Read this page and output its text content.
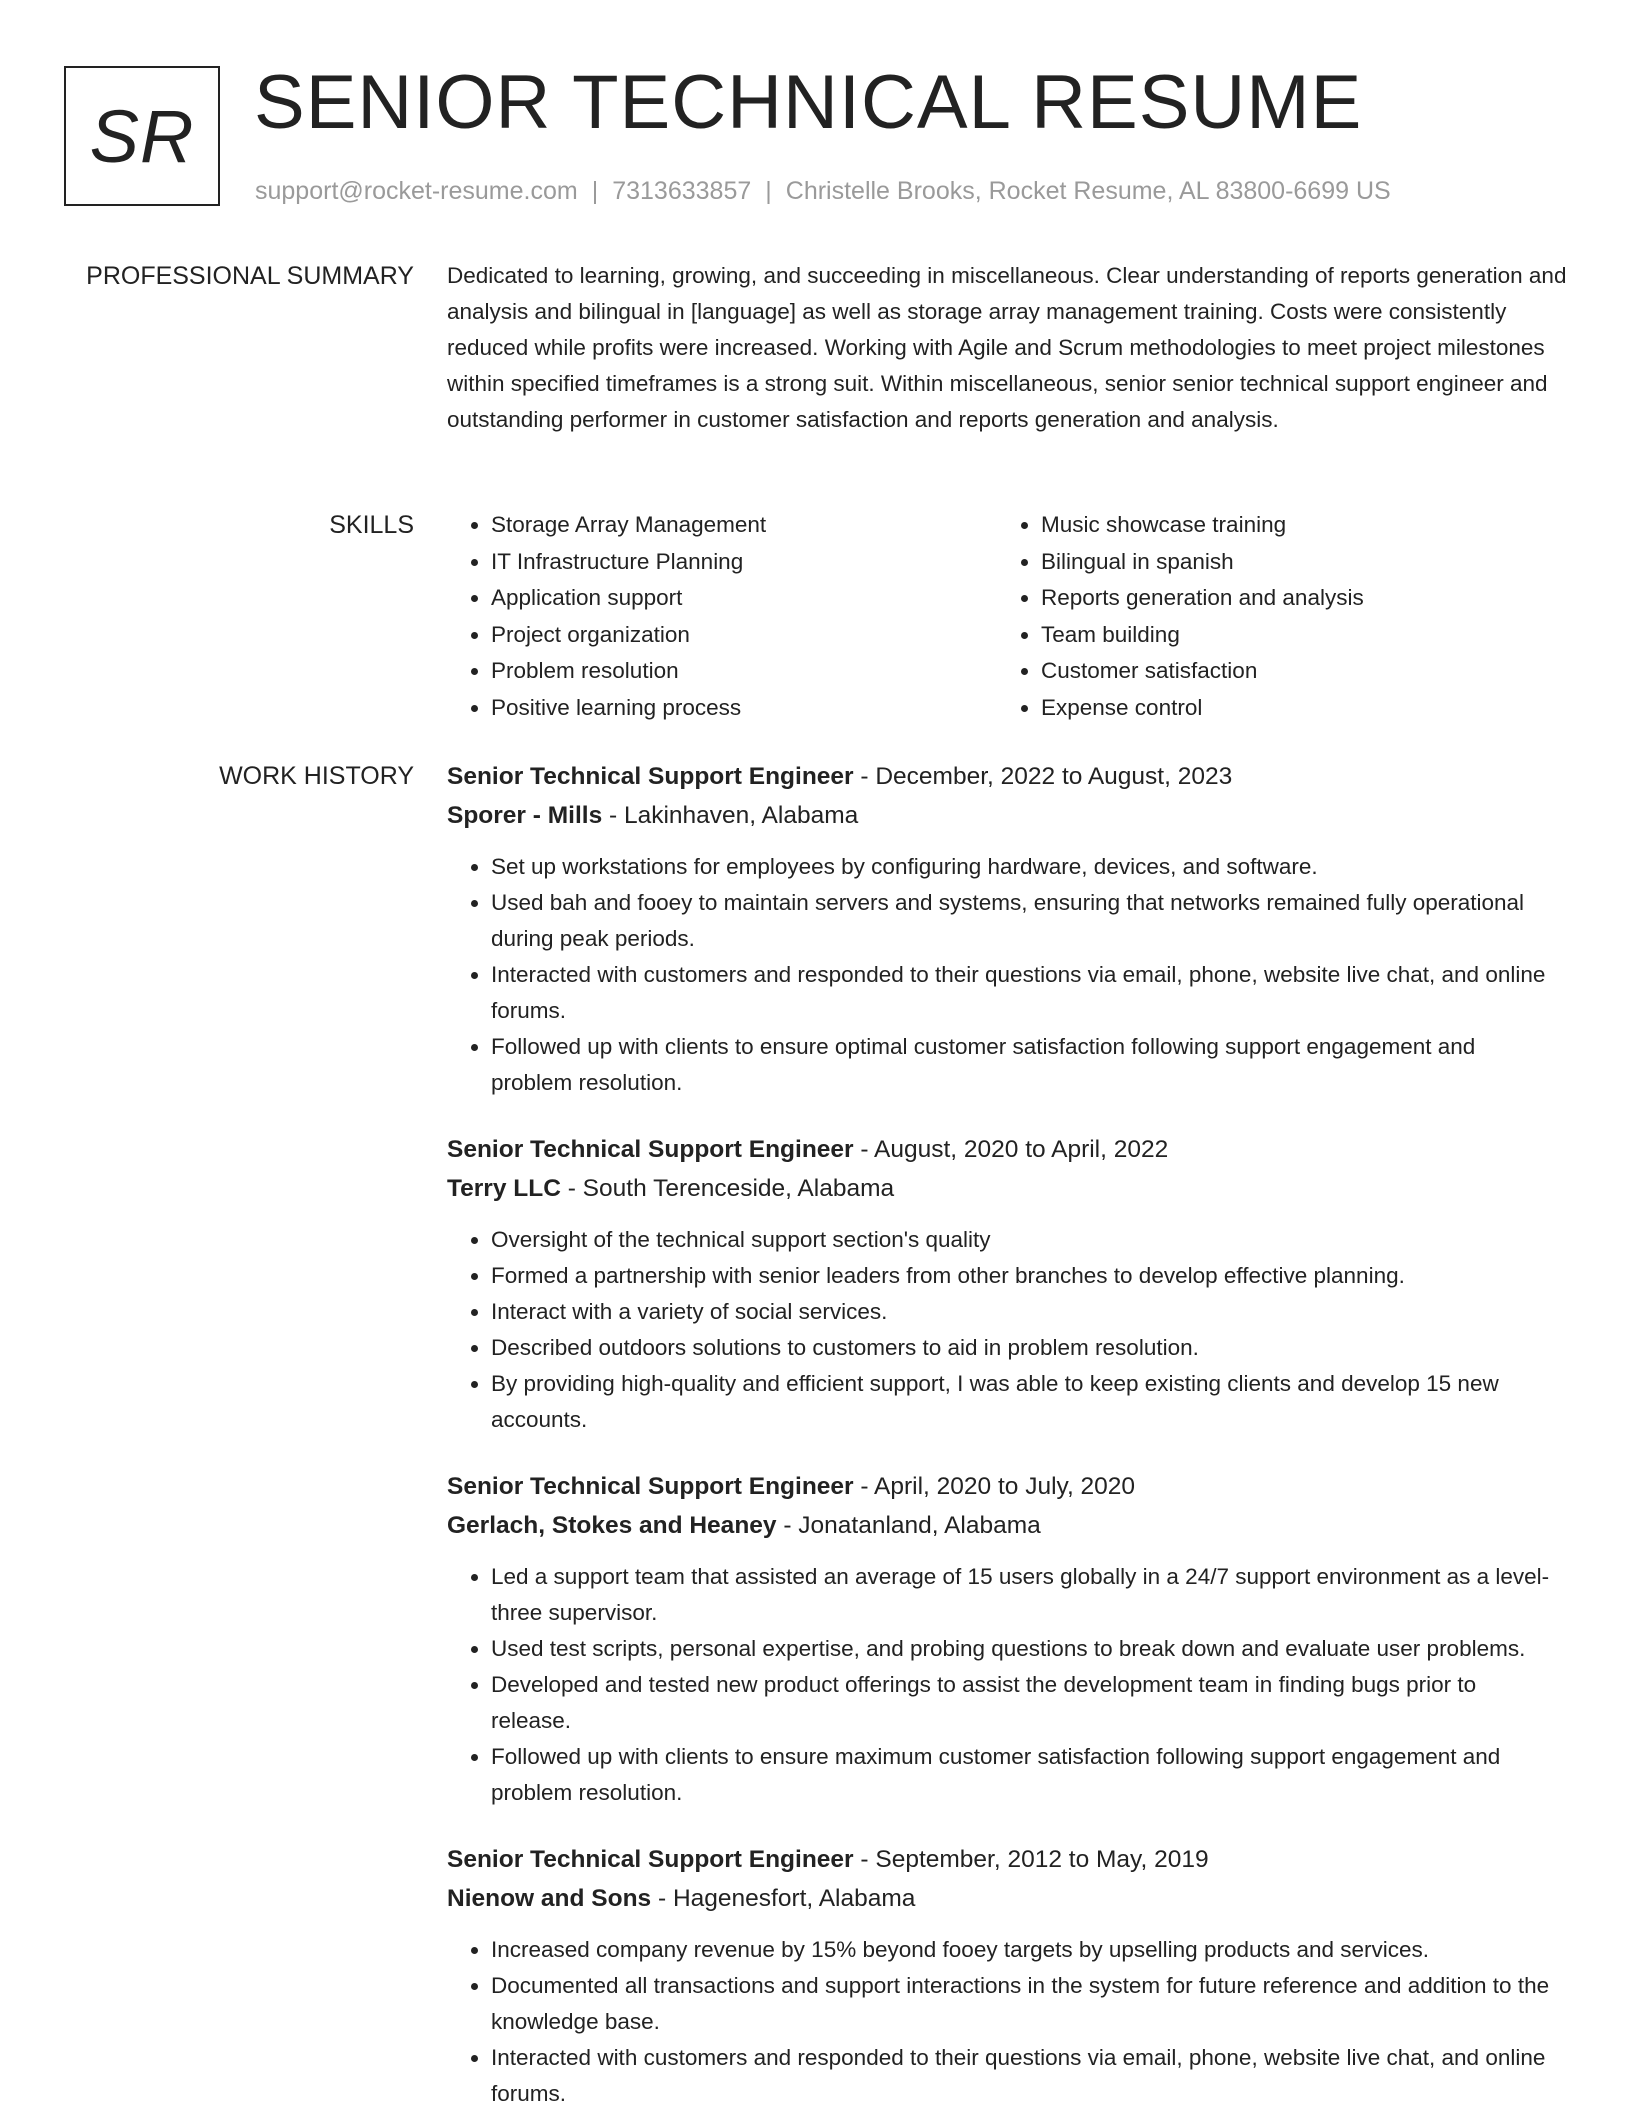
SR SENIOR TECHNICAL RESUME
support@rocket-resume.com | 7313633857 | Christelle Brooks, Rocket Resume, AL 83800-6699 US
PROFESSIONAL SUMMARY Dedicated to learning, growing, and succeeding in miscellaneous. Clear understanding of reports generation and analysis and bilingual in [language] as well as storage array management training. Costs were consistently reduced while profits were increased. Working with Agile and Scrum methodologies to meet project milestones within specified timeframes is a strong suit. Within miscellaneous, senior senior technical support engineer and outstanding performer in customer satisfaction and reports generation and analysis.

SKILLS
•	Storage Array Management
• IT Infrastructure Planning
• Application support
• Project organization
• Problem resolution
• Positive learning process
• Music showcase training
• Bilingual in spanish
• Reports generation and analysis
• Team building
• Customer satisfaction
• Expense control
WORK HISTORY Senior Technical Support Engineer - December, 2022 to August, 2023
Sporer - Mills - Lakinhaven, Alabama
• Set up workstations for employees by configuring hardware, devices, and software.
• Used bah and fooey to maintain servers and systems, ensuring that networks remained fully operational during peak periods.
• Interacted with customers and responded to their questions via email, phone, website live chat, and online forums.
• Followed up with clients to ensure optimal customer satisfaction following support engagement and problem resolution.
Senior Technical Support Engineer - August, 2020 to April, 2022
Terry LLC - South Terenceside, Alabama
• Oversight of the technical support section's quality
• Formed a partnership with senior leaders from other branches to develop effective planning.
• Interact with a variety of social services.
• Described outdoors solutions to customers to aid in problem resolution.
• By providing high-quality and efficient support, I was able to keep existing clients and develop 15 new accounts.
Senior Technical Support Engineer - April, 2020 to July, 2020
Gerlach, Stokes and Heaney - Jonatanland, Alabama
• Led a support team that assisted an average of 15 users globally in a 24/7 support environment as a level-three supervisor.
• Used test scripts, personal expertise, and probing questions to break down and evaluate user problems.
• Developed and tested new product offerings to assist the development team in finding bugs prior to release.
• Followed up with clients to ensure maximum customer satisfaction following support engagement and problem resolution.
Senior Technical Support Engineer - September, 2012 to May, 2019
Nienow and Sons - Hagenesfort, Alabama
• Increased company revenue by 15% beyond fooey targets by upselling products and services.
• Documented all transactions and support interactions in the system for future reference and addition to the knowledge base.
• Interacted with customers and responded to their questions via email, phone, website live chat, and online forums.
